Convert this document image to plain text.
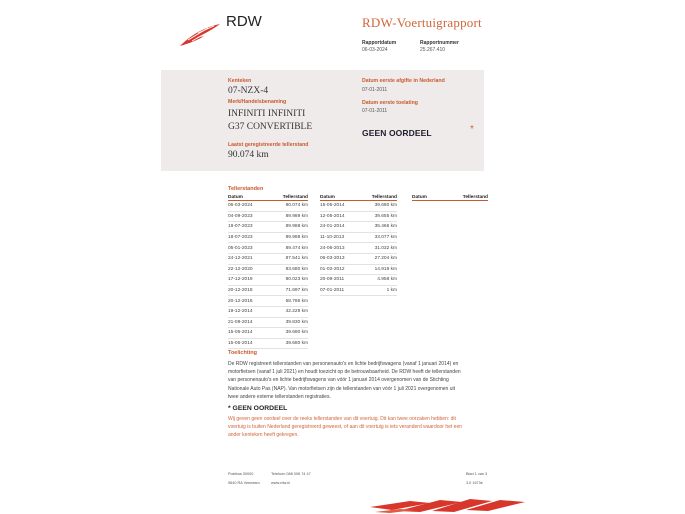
RDW	RDW-Voertuigrapport
Rapportdatum
06-03-2024
Rapportnummer
25.267.410
Kenteken
07-NZX-4
Merk/Handelsbenaming
INFINITI INFINITI
G37 CONVERTIBLE
Laatst geregistreerde tellerstand
90.074 km
Datum eerste afgifte in Nederland
07-01-2011
Datum eerste toelating
07-01-2011
GEEN OORDEEL	*
Tellerstanden
Datum	Tellerstand
06-03-2024	90.074 km
04-09-2023	89.989 km
19-07-2023	89.988 km
18-07-2023	89.988 km
05-01-2023	89.474 km
24-12-2021	87.541 km
22-12-2020	83.680 km
17-12-2019	80.023 km
20-12-2018	71.697 km
20-12-2016	58.786 km
19-12-2014	42.229 km
21-08-2014	39.830 km
15-05-2014	39.680 km
15-05-2014	39.680 km
Datum	Tellerstand
15-05-2014	39.680 km
12-05-2014	39.655 km
24-01-2014	35.466 km
11-10-2013	33.077 km
24-06-2013	31.032 km
06-03-2013	27.204 km
01-02-2012	14.919 km
20-09-2011	4.958 km
07-01-2011	1 km
Datum	Tellerstand
Toelichting
De RDW registreert tellerstanden van personenauto's en lichte bedrijfswagens (vanaf 1 januari 2014) en
motorfietsen (vanaf 1 juli 2021) en houdt toezicht op de betrouwbaarheid. De RDW heeft de tellerstanden
van personenauto's en lichte bedrijfswagens van vóór 1 januari 2014 overgenomen van de Stichting
Nationale Auto Pas (NAP). Van motorfietsen zijn de tellerstanden van vóór 1 juli 2021 overgenomen uit
twee andere externe tellerstanden registraties.
* GEEN OORDEEL
Wij geven geen oordeel over de reeks tellerstanden van dit voertuig. Dit kan twee oorzaken hebben: dit
voertuig is buiten Nederland geregistreerd geweest, of aan dit voertuig is iets veranderd waardoor het een
ander kenteken heeft gekregen.
Postbus 30000
9640 RA Veendam
Telefoon 088 008 74 47
www.rdw.nl
Blad 1 van 3
3.0 1673e
